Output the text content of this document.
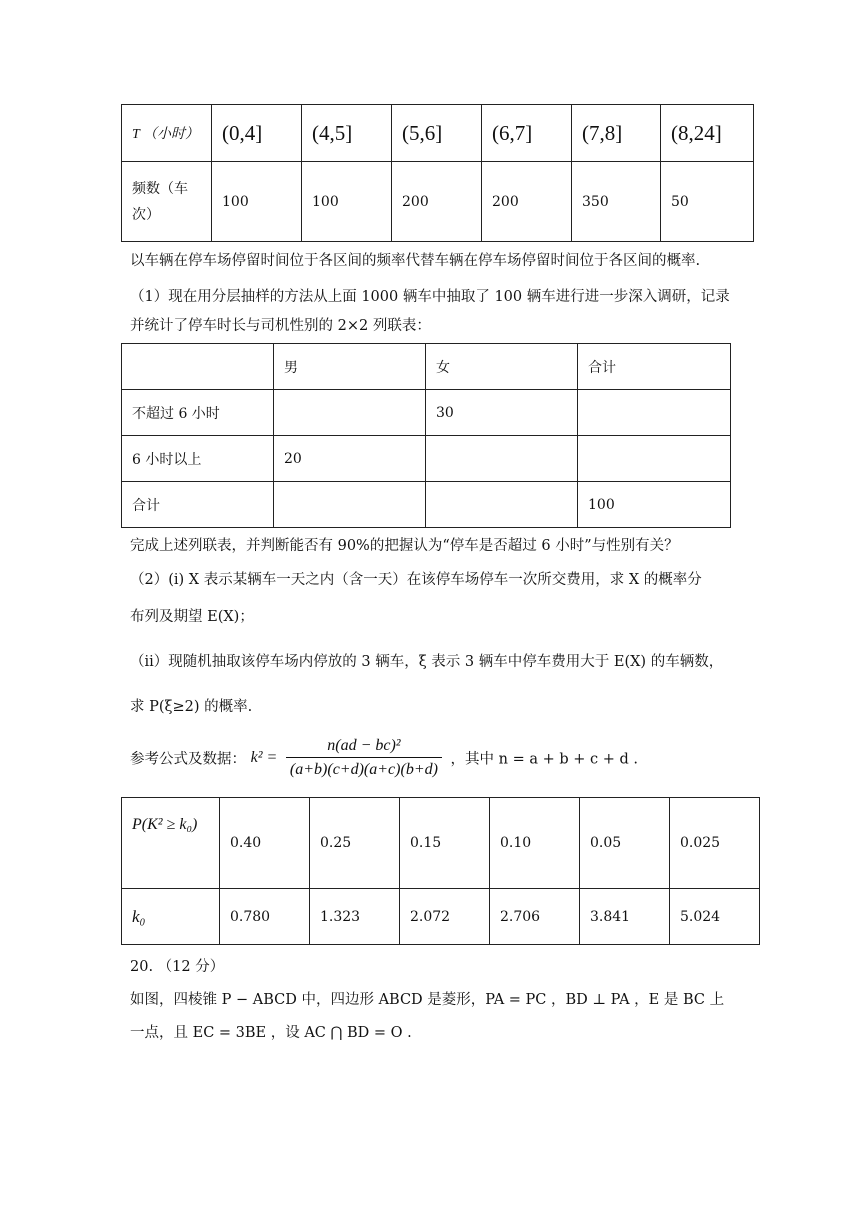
T （小时）	(0,4]	(4,5]	(5,6]	(6,7]	(7,8]	(8,24]
频数（车次）	100	100	200	200	350	50
以车辆在停车场停留时间位于各区间的频率代替车辆在停车场停留时间位于各区间的概率.
（1）现在用分层抽样的方法从上面 1000 辆车中抽取了 100 辆车进行进一步深入调研，记录
并统计了停车时长与司机性别的 2×2 列联表：
	男	女	合计
不超过 6 小时		30	
6 小时以上	20		
合计			100
完成上述列联表，并判断能否有 90%的把握认为“停车是否超过 6 小时”与性别有关？
（2）(i) X 表示某辆车一天之内（含一天）在该停车场停车一次所交费用，求 X 的概率分
布列及期望 E(X)；
（ii）现随机抽取该停车场内停放的 3 辆车，ξ 表示 3 辆车中停车费用大于 E(X) 的车辆数，
求 P(ξ≥2) 的概率.
参考公式及数据： $k^2 = \frac{\text{n(ad − bc)²}}{(a+b)(c+d)(a+c)(b+d)}$ ，其中 n = a + b + c + d .
P(K² ≥ k₀)	0.40	0.25	0.15	0.10	0.05	0.025
k₀	0.780	1.323	2.072	2.706	3.841	5.024
20. （12 分）
如图，四棱锥 P − ABCD 中，四边形 ABCD 是菱形，PA = PC ，BD ⊥ PA ，E 是 BC 上
一点，且 EC = 3BE ，设 AC ⋂ BD = O .
